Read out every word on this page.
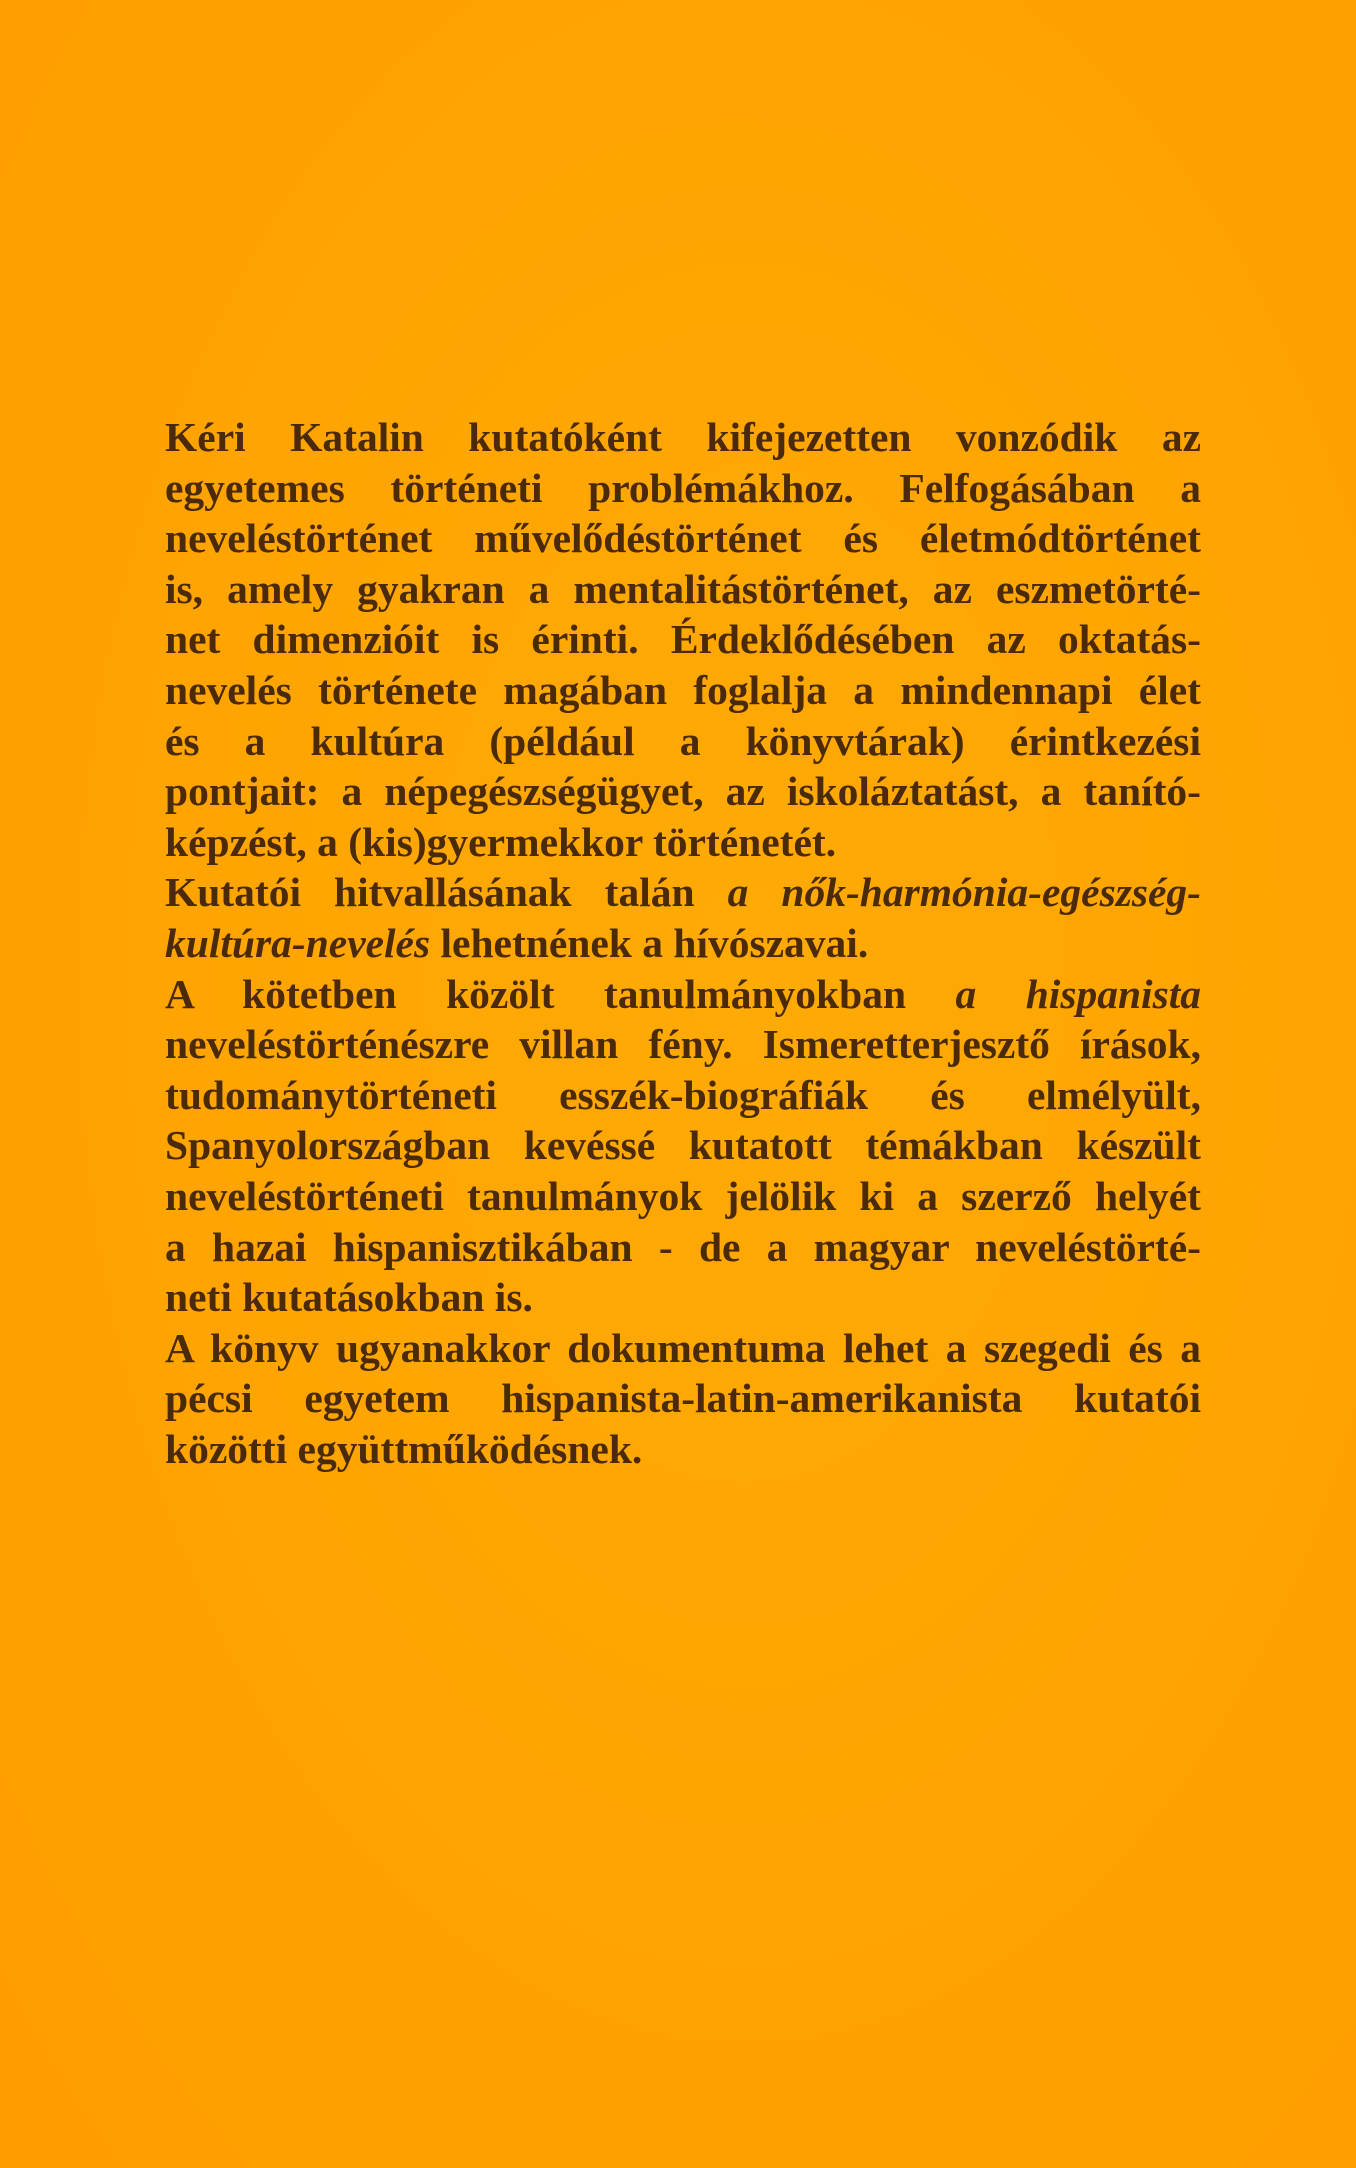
Kéri Katalin kutatóként kifejezetten vonzódik az
egyetemes történeti problémákhoz. Felfogásában a
neveléstörténet művelődéstörténet és életmódtörténet
is, amely gyakran a mentalitástörténet, az eszmetörté-
net dimenzióit is érinti. Érdeklődésében az oktatás-
nevelés története magában foglalja a mindennapi élet
és a kultúra (például a könyvtárak) érintkezési
pontjait: a népegészségügyet, az iskoláztatást, a tanító-
képzést, a (kis)gyermekkor történetét.
Kutatói hitvallásának talán a nők-harmónia-egészség-
kultúra-nevelés lehetnének a hívószavai.
A kötetben közölt tanulmányokban a hispanista
neveléstörténészre villan fény. Ismeretterjesztő írások,
tudománytörténeti esszék-biográfiák és elmélyült,
Spanyolországban kevéssé kutatott témákban készült
neveléstörténeti tanulmányok jelölik ki a szerző helyét
a hazai hispanisztikában - de a magyar neveléstörté-
neti kutatásokban is.
A könyv ugyanakkor dokumentuma lehet a szegedi és a
pécsi egyetem hispanista-latin-amerikanista kutatói
közötti együttműködésnek.
